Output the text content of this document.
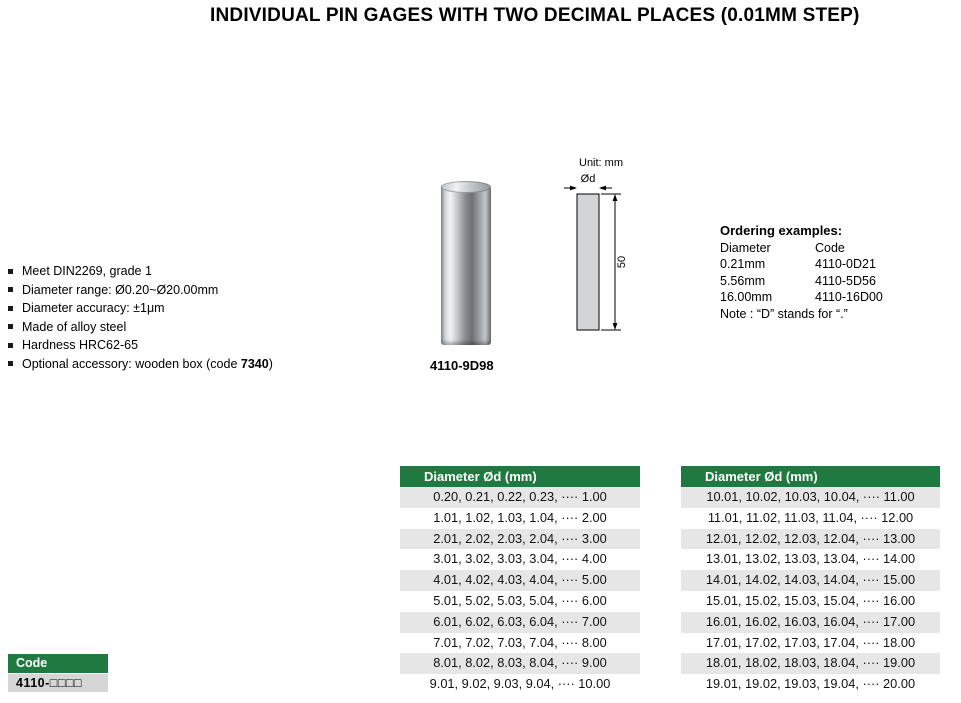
INDIVIDUAL PIN GAGES WITH TWO DECIMAL PLACES (0.01MM STEP)
Meet DIN2269, grade 1
Diameter range: Ø0.20~Ø20.00mm
Diameter accuracy: ±1μm
Made of alloy steel
Hardness HRC62-65
Optional accessory: wooden box (code 7340)	4110-9D98
Unit: mm
Ød
50
Ordering examples:
Diameter	Code
0.21mm	4110-0D21
5.56mm	4110-5D56
16.00mm	4110-16D00
Note : “D” stands for “.”
Code
4110-□□□□
Diameter Ød (mm)
0.20, 0.21, 0.22, 0.23, ···· 1.00
1.01, 1.02, 1.03, 1.04, ···· 2.00
2.01, 2.02, 2.03, 2.04, ···· 3.00
3.01, 3.02, 3.03, 3.04, ···· 4.00
4.01, 4.02, 4.03, 4.04, ···· 5.00
5.01, 5.02, 5.03, 5.04, ···· 6.00
6.01, 6.02, 6.03, 6.04, ···· 7.00
7.01, 7.02, 7.03, 7.04, ···· 8.00
8.01, 8.02, 8.03, 8.04, ···· 9.00
9.01, 9.02, 9.03, 9.04, ···· 10.00
Diameter Ød (mm)
10.01, 10.02, 10.03, 10.04, ···· 11.00
11.01, 11.02, 11.03, 11.04, ···· 12.00
12.01, 12.02, 12.03, 12.04, ···· 13.00
13.01, 13.02, 13.03, 13.04, ···· 14.00
14.01, 14.02, 14.03, 14.04, ···· 15.00
15.01, 15.02, 15.03, 15.04, ···· 16.00
16.01, 16.02, 16.03, 16.04, ···· 17.00
17.01, 17.02, 17.03, 17.04, ···· 18.00
18.01, 18.02, 18.03, 18.04, ···· 19.00
19.01, 19.02, 19.03, 19.04, ···· 20.00
